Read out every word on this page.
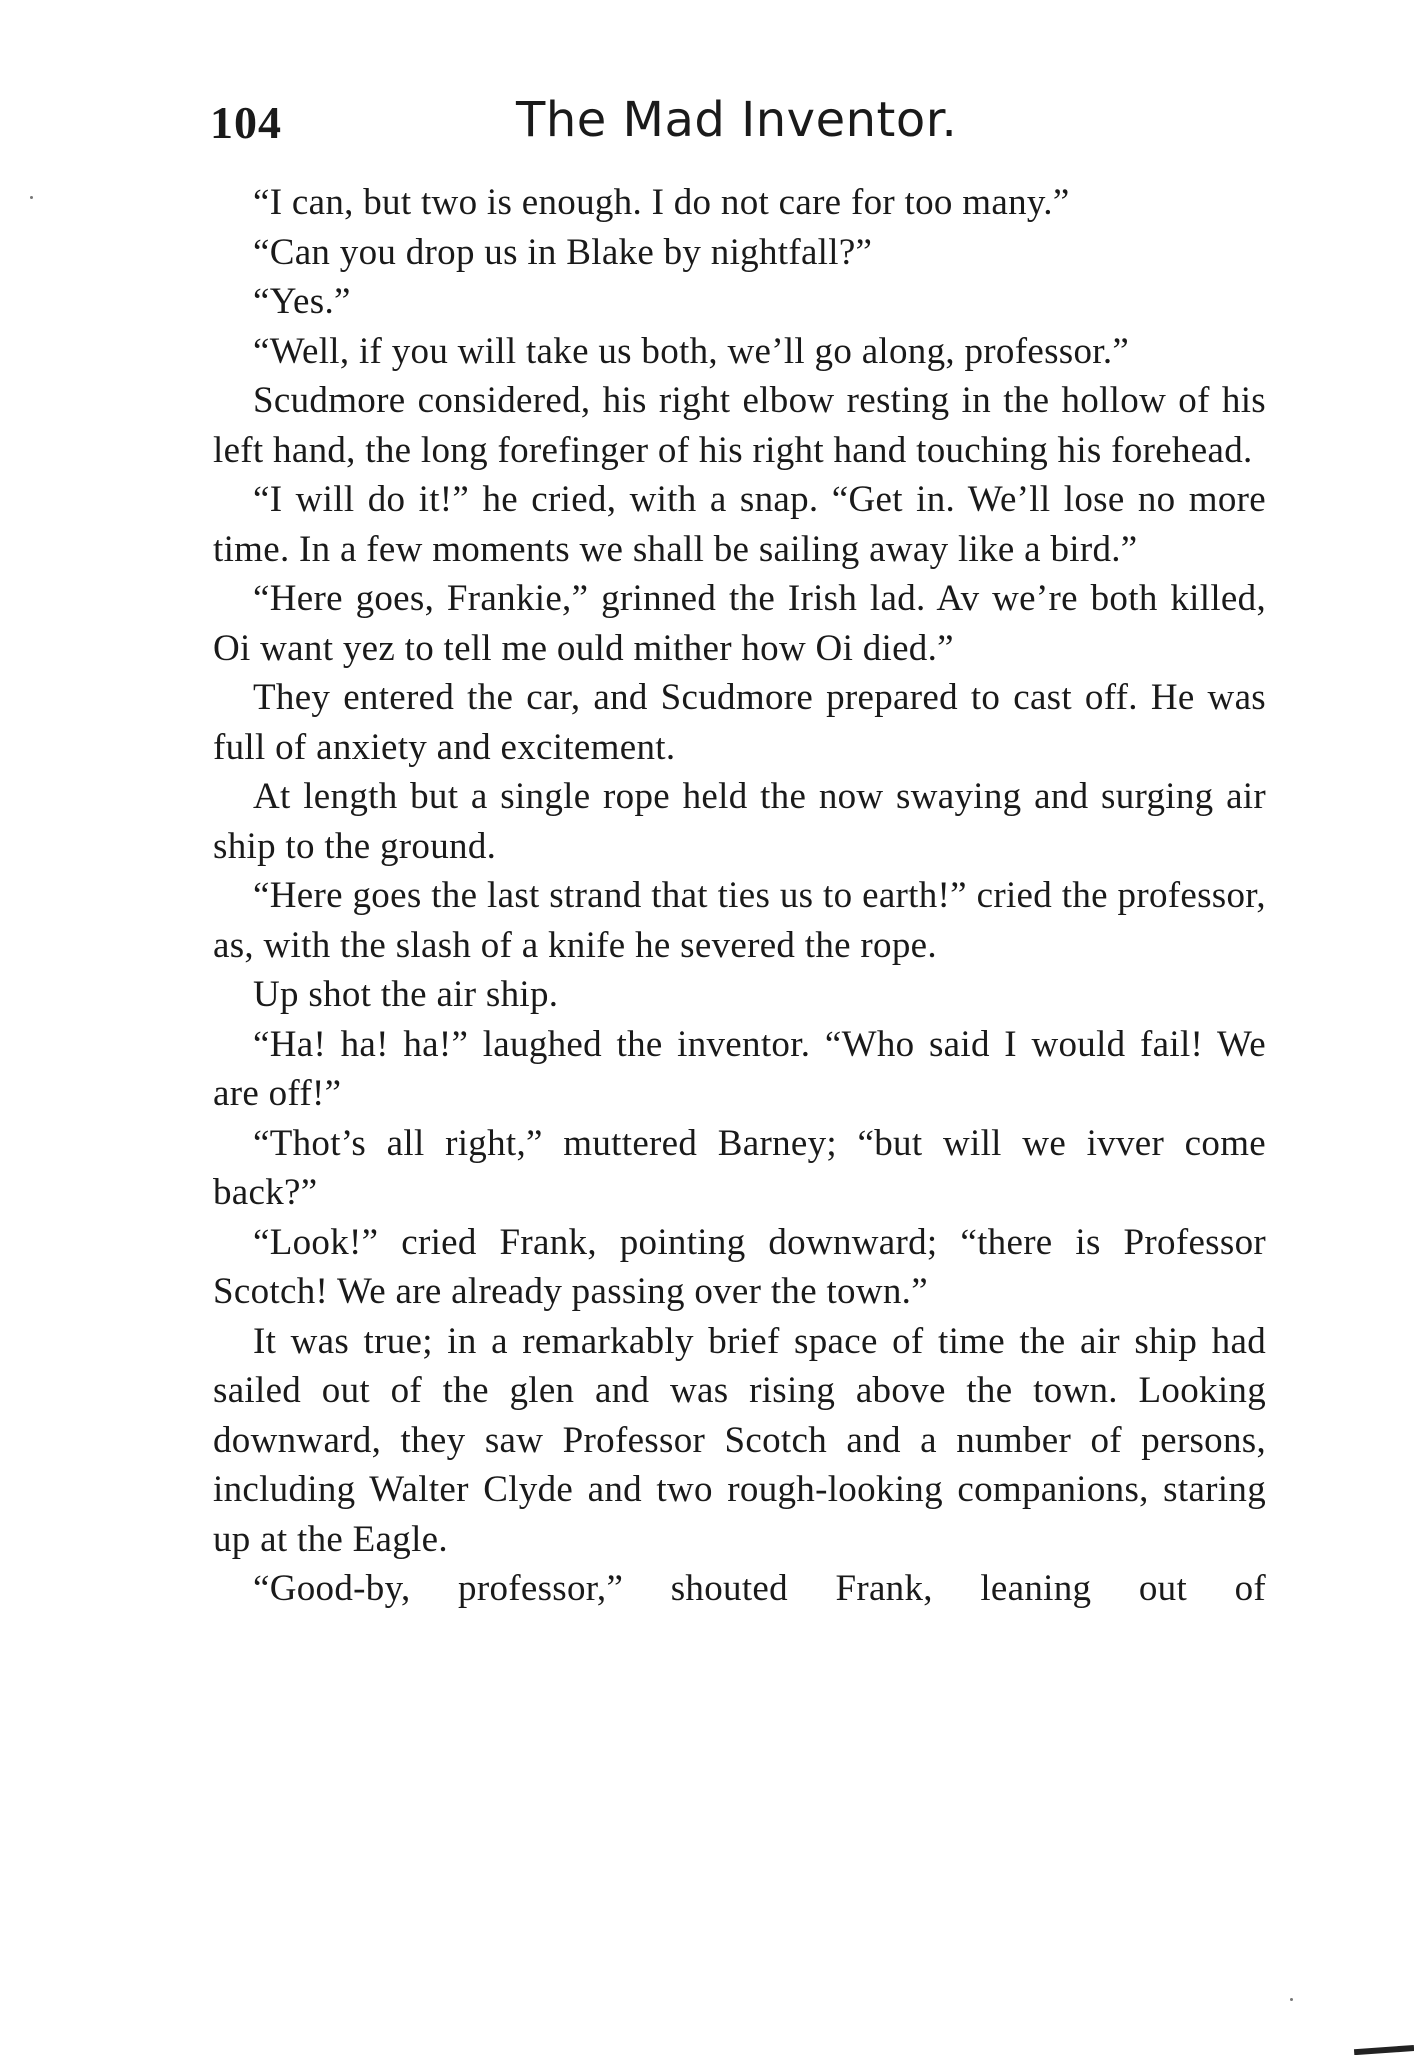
104	The Mad Inventor.

“I can, but two is enough. I do not care for too many.”

“Can you drop us in Blake by nightfall?”

“Yes.”

“Well, if you will take us both, we’ll go along, professor.”

Scudmore considered, his right elbow resting in the hollow of his left hand, the long forefinger of his right hand touching his forehead.

“I will do it!” he cried, with a snap. “Get in. We’ll lose no more time. In a few moments we shall be sailing away like a bird.”

“Here goes, Frankie,” grinned the Irish lad. Av we’re both killed, Oi want yez to tell me ould mither how Oi died.”

They entered the car, and Scudmore prepared to cast off. He was full of anxiety and excitement.

At length but a single rope held the now swaying and surging air ship to the ground.

“Here goes the last strand that ties us to earth!” cried the professor, as, with the slash of a knife he severed the rope.

Up shot the air ship.

“Ha! ha! ha!” laughed the inventor. “Who said I would fail! We are off!”

“Thot’s all right,” muttered Barney; “but will we ivver come back?”

“Look!” cried Frank, pointing downward; “there is Professor Scotch! We are already passing over the town.”

It was true; in a remarkably brief space of time the air ship had sailed out of the glen and was rising above the town. Looking downward, they saw Professor Scotch and a number of persons, including Walter Clyde and two rough-looking companions, staring up at the Eagle.

“Good-by, professor,” shouted Frank, leaning out of
